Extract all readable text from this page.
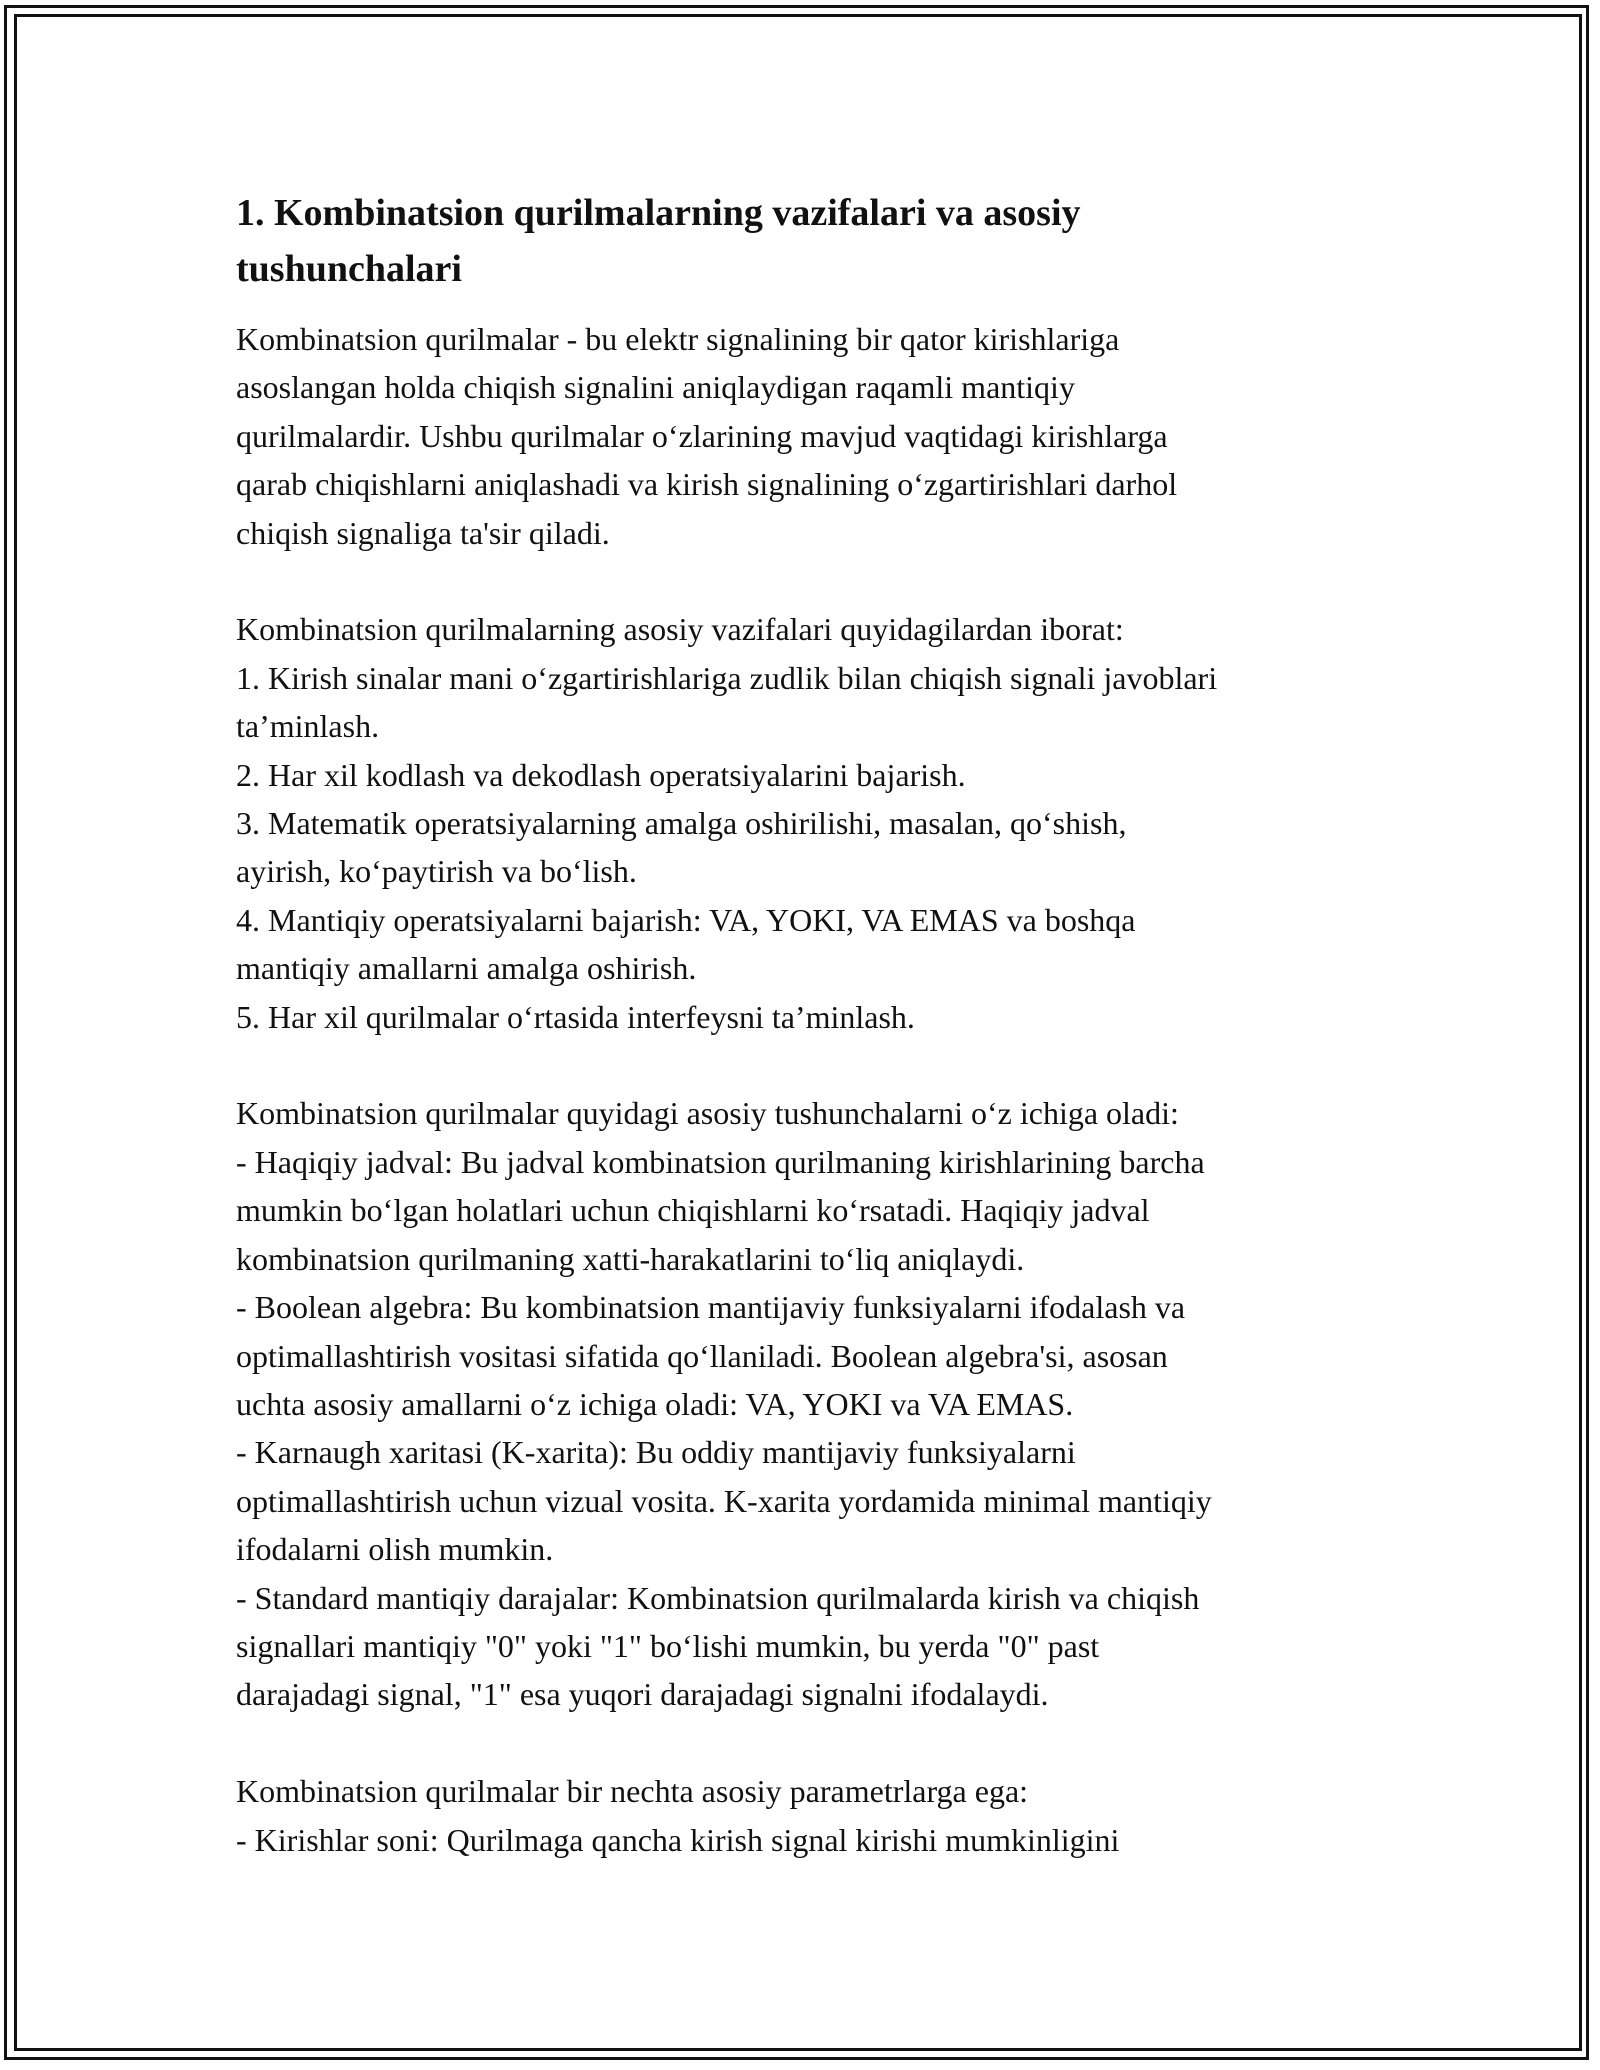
1. Kombinatsion qurilmalarning vazifalari va asosiy
tushunchalari
Kombinatsion qurilmalar - bu elektr signalining bir qator kirishlariga
asoslangan holda chiqish signalini aniqlaydigan raqamli mantiqiy
qurilmalardir. Ushbu qurilmalar oʻzlarining mavjud vaqtidagi kirishlarga
qarab chiqishlarni aniqlashadi va kirish signalining oʻzgartirishlari darhol
chiqish signaliga ta'sir qiladi.
Kombinatsion qurilmalarning asosiy vazifalari quyidagilardan iborat:
1. Kirish sinalar mani oʻzgartirishlariga zudlik bilan chiqish signali javoblari
ta’minlash.
2. Har xil kodlash va dekodlash operatsiyalarini bajarish.
3. Matematik operatsiyalarning amalga oshirilishi, masalan, qoʻshish,
ayirish, koʻpaytirish va boʻlish.
4. Mantiqiy operatsiyalarni bajarish: VA, YOKI, VA EMAS va boshqa
mantiqiy amallarni amalga oshirish.
5. Har xil qurilmalar oʻrtasida interfeysni ta’minlash.
Kombinatsion qurilmalar quyidagi asosiy tushunchalarni oʻz ichiga oladi:
- Haqiqiy jadval: Bu jadval kombinatsion qurilmaning kirishlarining barcha
mumkin boʻlgan holatlari uchun chiqishlarni koʻrsatadi. Haqiqiy jadval
kombinatsion qurilmaning xatti-harakatlarini toʻliq aniqlaydi.
- Boolean algebra: Bu kombinatsion mantijaviy funksiyalarni ifodalash va
optimallashtirish vositasi sifatida qoʻllaniladi. Boolean algebra'si, asosan
uchta asosiy amallarni oʻz ichiga oladi: VA, YOKI va VA EMAS.
- Karnaugh xaritasi (K-xarita): Bu oddiy mantijaviy funksiyalarni
optimallashtirish uchun vizual vosita. K-xarita yordamida minimal mantiqiy
ifodalarni olish mumkin.
- Standard mantiqiy darajalar: Kombinatsion qurilmalarda kirish va chiqish
signallari mantiqiy "0" yoki "1" boʻlishi mumkin, bu yerda "0" past
darajadagi signal, "1" esa yuqori darajadagi signalni ifodalaydi.
Kombinatsion qurilmalar bir nechta asosiy parametrlarga ega:
- Kirishlar soni: Qurilmaga qancha kirish signal kirishi mumkinligini
